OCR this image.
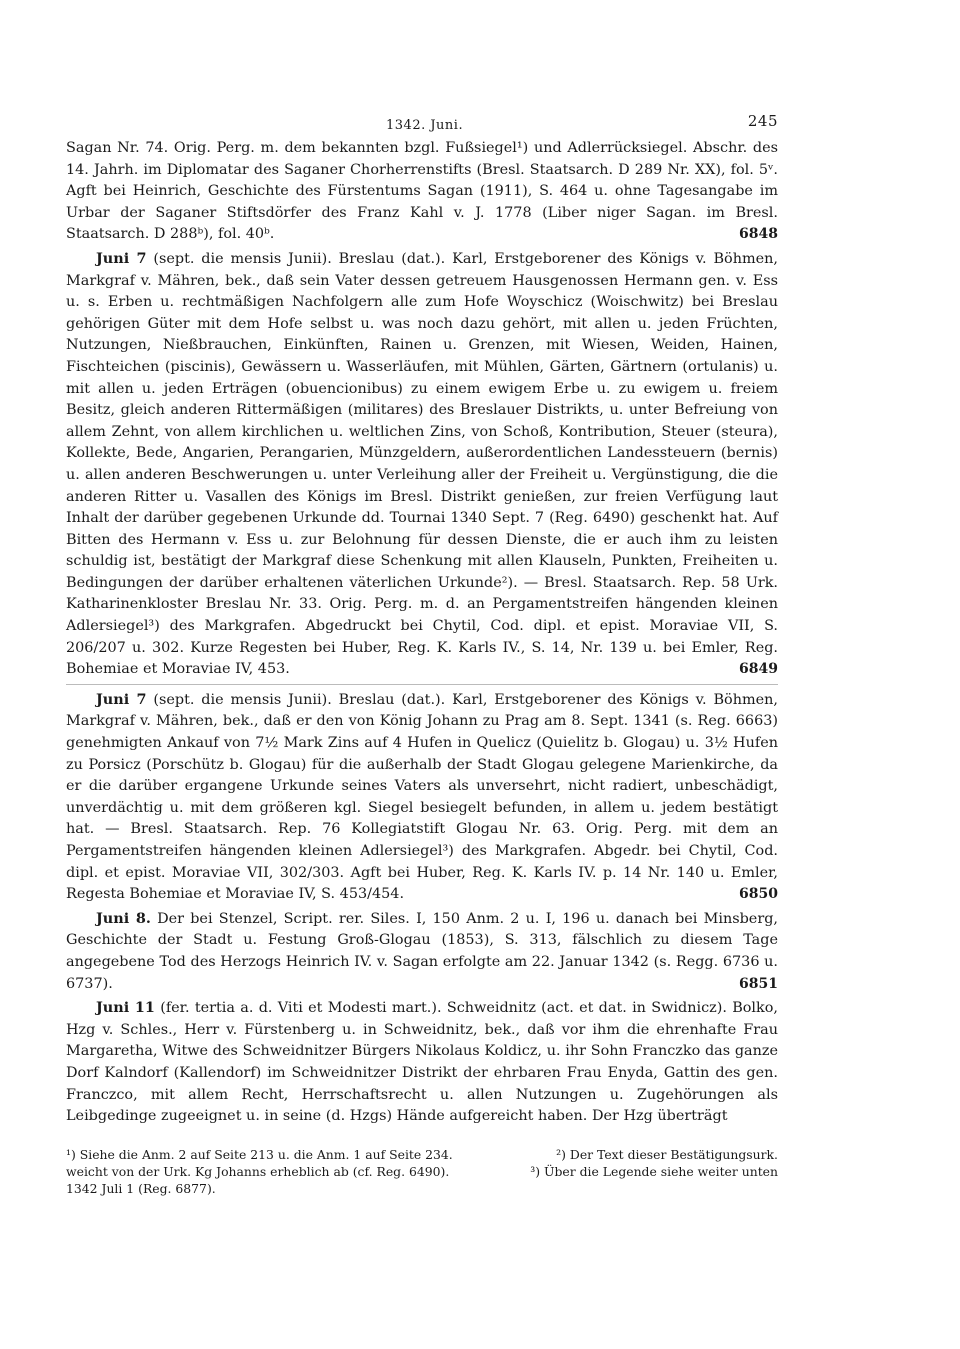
1342. Juni.	245

Sagan Nr. 74. Orig. Perg. m. dem bekannten bzgl. Fußsiegel¹) und Adlerrücksiegel. Abschr. des 14. Jahrh. im Diplomatar des Saganer Chorherrenstifts (Bresl. Staatsarch. D 289 Nr. XX), fol. 5ᵛ. Agft bei Heinrich, Geschichte des Fürstentums Sagan (1911), S. 464 u. ohne Tagesangabe im Urbar der Saganer Stiftsdörfer des Franz Kahl v. J. 1778 (Liber niger Sagan. im Bresl. Staatsarch. D 288ᵇ), fol. 40ᵇ.	6848

Juni 7 (sept. die mensis Junii). Breslau (dat.). Karl, Erstgeborener des Königs v. Böhmen, Markgraf v. Mähren, bek., daß sein Vater dessen getreuem Hausgenossen Hermann gen. v. Ess u. s. Erben u. rechtmäßigen Nachfolgern alle zum Hofe Woyschicz (Woischwitz) bei Breslau gehörigen Güter mit dem Hofe selbst u. was noch dazu gehört, mit allen u. jeden Früchten, Nutzungen, Nießbrauchen, Einkünften, Rainen u. Grenzen, mit Wiesen, Weiden, Hainen, Fischteichen (piscinis), Gewässern u. Wasserläufen, mit Mühlen, Gärten, Gärtnern (ortulanis) u. mit allen u. jeden Erträgen (obuencionibus) zu einem ewigem Erbe u. zu ewigem u. freiem Besitz, gleich anderen Rittermäßigen (militares) des Breslauer Distrikts, u. unter Befreiung von allem Zehnt, von allem kirchlichen u. weltlichen Zins, von Schoß, Kontribution, Steuer (steura), Kollekte, Bede, Angarien, Perangarien, Münzgeldern, außerordentlichen Landessteuern (bernis) u. allen anderen Beschwerungen u. unter Verleihung aller der Freiheit u. Vergünstigung, die die anderen Ritter u. Vasallen des Königs im Bresl. Distrikt genießen, zur freien Verfügung laut Inhalt der darüber gegebenen Urkunde dd. Tournai 1340 Sept. 7 (Reg. 6490) geschenkt hat. Auf Bitten des Hermann v. Ess u. zur Belohnung für dessen Dienste, die er auch ihm zu leisten schuldig ist, bestätigt der Markgraf diese Schenkung mit allen Klauseln, Punkten, Freiheiten u. Bedingungen der darüber erhaltenen väterlichen Urkunde²). — Bresl. Staatsarch. Rep. 58 Urk. Katharinenkloster Breslau Nr. 33. Orig. Perg. m. d. an Pergamentstreifen hängenden kleinen Adlersiegel³) des Markgrafen. Abgedruckt bei Chytil, Cod. dipl. et epist. Moraviae VII, S. 206/207 u. 302. Kurze Regesten bei Huber, Reg. K. Karls IV., S. 14, Nr. 139 u. bei Emler, Reg. Bohemiae et Moraviae IV, 453.	6849

Juni 7 (sept. die mensis Junii). Breslau (dat.). Karl, Erstgeborener des Königs v. Böhmen, Markgraf v. Mähren, bek., daß er den von König Johann zu Prag am 8. Sept. 1341 (s. Reg. 6663) genehmigten Ankauf von 7½ Mark Zins auf 4 Hufen in Quelicz (Quielitz b. Glogau) u. 3½ Hufen zu Porsicz (Porschütz b. Glogau) für die außerhalb der Stadt Glogau gelegene Marienkirche, da er die darüber ergangene Urkunde seines Vaters als unversehrt, nicht radiert, unbeschädigt, unverdächtig u. mit dem größeren kgl. Siegel besiegelt befunden, in allem u. jedem bestätigt hat. — Bresl. Staatsarch. Rep. 76 Kollegiatstift Glogau Nr. 63. Orig. Perg. mit dem an Pergamentstreifen hängenden kleinen Adlersiegel³) des Markgrafen. Abgedr. bei Chytil, Cod. dipl. et epist. Moraviae VII, 302/303. Agft bei Huber, Reg. K. Karls IV. p. 14 Nr. 140 u. Emler, Regesta Bohemiae et Moraviae IV, S. 453/454.	6850

Juni 8. Der bei Stenzel, Script. rer. Siles. I, 150 Anm. 2 u. I, 196 u. danach bei Minsberg, Geschichte der Stadt u. Festung Groß-Glogau (1853), S. 313, fälschlich zu diesem Tage angegebene Tod des Herzogs Heinrich IV. v. Sagan erfolgte am 22. Januar 1342 (s. Regg. 6736 u. 6737).	6851

Juni 11 (fer. tertia a. d. Viti et Modesti mart.). Schweidnitz (act. et dat. in Swidnicz). Bolko, Hzg v. Schles., Herr v. Fürstenberg u. in Schweidnitz, bek., daß vor ihm die ehrenhafte Frau Margaretha, Witwe des Schweidnitzer Bürgers Nikolaus Koldicz, u. ihr Sohn Franczko das ganze Dorf Kalndorf (Kallendorf) im Schweidnitzer Distrikt der ehrbaren Frau Enyda, Gattin des gen. Franczco, mit allem Recht, Herrschaftsrecht u. allen Nutzungen u. Zugehörungen als Leibgedinge zugeeignet u. in seine (d. Hzgs) Hände aufgereicht haben. Der Hzg überträgt

¹) Siehe die Anm. 2 auf Seite 213 u. die Anm. 1 auf Seite 234.	²) Der Text dieser Bestätigungsurk.
weicht von der Urk. Kg Johanns erheblich ab (cf. Reg. 6490).	³) Über die Legende siehe weiter unten
1342 Juli 1 (Reg. 6877).
